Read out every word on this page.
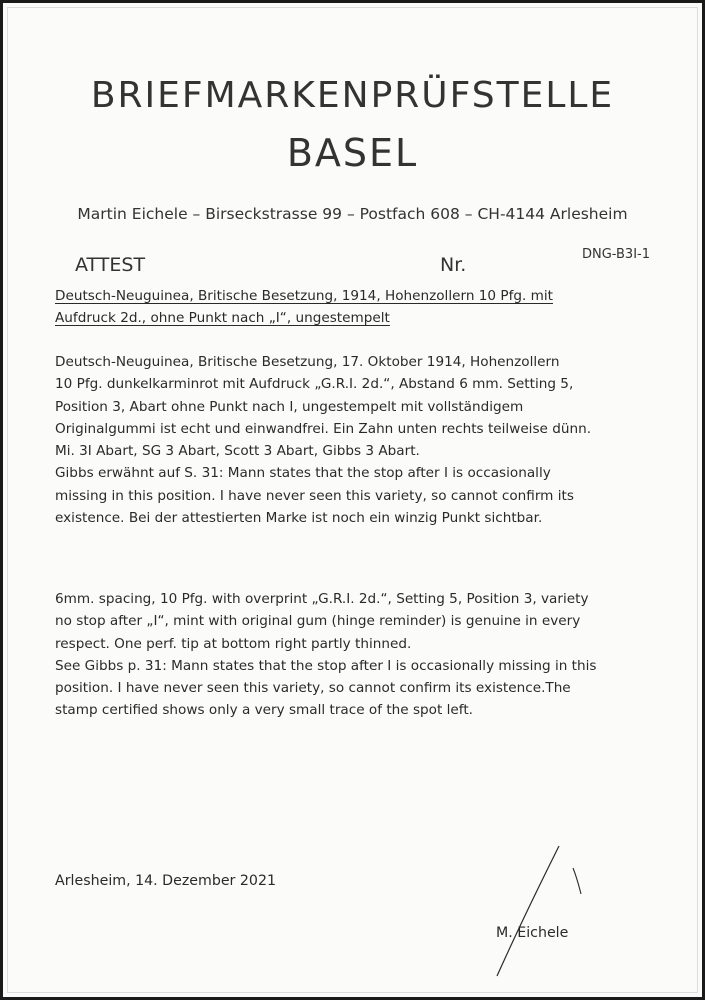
BRIEFMARKENPRÜFSTELLE
BASEL
Martin Eichele – Birseckstrasse 99 – Postfach 608 – CH-4144 Arlesheim
DNG-B3I-1
ATTEST	Nr.
Deutsch-Neuguinea, Britische Besetzung, 1914, Hohenzollern 10 Pfg. mit
Aufdruck 2d., ohne Punkt nach „I“, ungestempelt
Deutsch-Neuguinea, Britische Besetzung, 17. Oktober 1914, Hohenzollern
10 Pfg. dunkelkarminrot mit Aufdruck „G.R.I. 2d.“, Abstand 6 mm. Setting 5,
Position 3, Abart ohne Punkt nach I, ungestempelt mit vollständigem
Originalgummi ist echt und einwandfrei. Ein Zahn unten rechts teilweise dünn.
Mi. 3I Abart, SG 3 Abart, Scott 3 Abart, Gibbs 3 Abart.
Gibbs erwähnt auf S. 31: Mann states that the stop after I is occasionally
missing in this position. I have never seen this variety, so cannot confirm its
existence. Bei der attestierten Marke ist noch ein winzig Punkt sichtbar.
6mm. spacing, 10 Pfg. with overprint „G.R.I. 2d.“, Setting 5, Position 3, variety
no stop after „I“, mint with original gum (hinge reminder) is genuine in every
respect. One perf. tip at bottom right partly thinned.
See Gibbs p. 31: Mann states that the stop after I is occasionally missing in this
position. I have never seen this variety, so cannot confirm its existence.The
stamp certified shows only a very small trace of the spot left.
Arlesheim, 14. Dezember 2021
M. Eichele
